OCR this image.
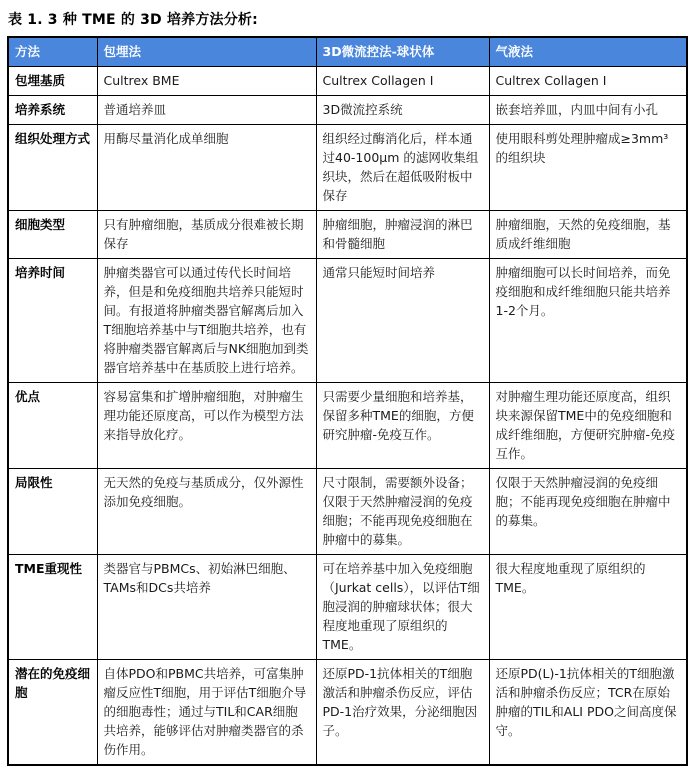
表 1. 3 种 TME 的 3D 培养方法分析:
方法	包埋法	3D微流控法-球状体	气液法
包埋基质	Cultrex BME	Cultrex Collagen I	Cultrex Collagen I
培养系统	普通培养皿	3D微流控系统	嵌套培养皿，内皿中间有小孔
组织处理方式	用酶尽量消化成单细胞	组织经过酶消化后，样本通过40-100μm 的滤网收集组织块，然后在超低吸附板中保存	使用眼科剪处理肿瘤成≥3mm³ 的组织块
细胞类型	只有肿瘤细胞，基质成分很难被长期保存	肿瘤细胞，肿瘤浸润的淋巴和骨髓细胞	肿瘤细胞，天然的免疫细胞，基质成纤维细胞
培养时间	肿瘤类器官可以通过传代长时间培养，但是和免疫细胞共培养只能短时间。有报道将肿瘤类器官解离后加入T细胞培养基中与T细胞共培养，也有将肿瘤类器官解离后与NK细胞加到类器官培养基中在基质胶上进行培养。	通常只能短时间培养	肿瘤细胞可以长时间培养，而免疫细胞和成纤维细胞只能共培养1-2个月。
优点	容易富集和扩增肿瘤细胞，对肿瘤生理功能还原度高，可以作为模型方法来指导放化疗。	只需要少量细胞和培养基，保留多种TME的细胞，方便研究肿瘤-免疫互作。	对肿瘤生理功能还原度高，组织块来源保留TME中的免疫细胞和成纤维细胞，方便研究肿瘤-免疫互作。
局限性	无天然的免疫与基质成分，仅外源性添加免疫细胞。	尺寸限制，需要额外设备；仅限于天然肿瘤浸润的免疫细胞；不能再现免疫细胞在肿瘤中的募集。	仅限于天然肿瘤浸润的免疫细胞；不能再现免疫细胞在肿瘤中的募集。
TME重现性	类器官与PBMCs、初始淋巴细胞、TAMs和DCs共培养	可在培养基中加入免疫细胞（Jurkat cells），以评估T细胞浸润的肿瘤球状体；很大程度地重现了原组织的TME。	很大程度地重现了原组织的TME。
潜在的免疫细胞	自体PDO和PBMC共培养，可富集肿瘤反应性T细胞，用于评估T细胞介导的细胞毒性；通过与TIL和CAR细胞共培养，能够评估对肿瘤类器官的杀伤作用。	还原PD-1抗体相关的T细胞激活和肿瘤杀伤反应，评估PD-1治疗效果，分泌细胞因子。	还原PD(L)-1抗体相关的T细胞激活和肿瘤杀伤反应；TCR在原始肿瘤的TIL和ALI PDO之间高度保守。
